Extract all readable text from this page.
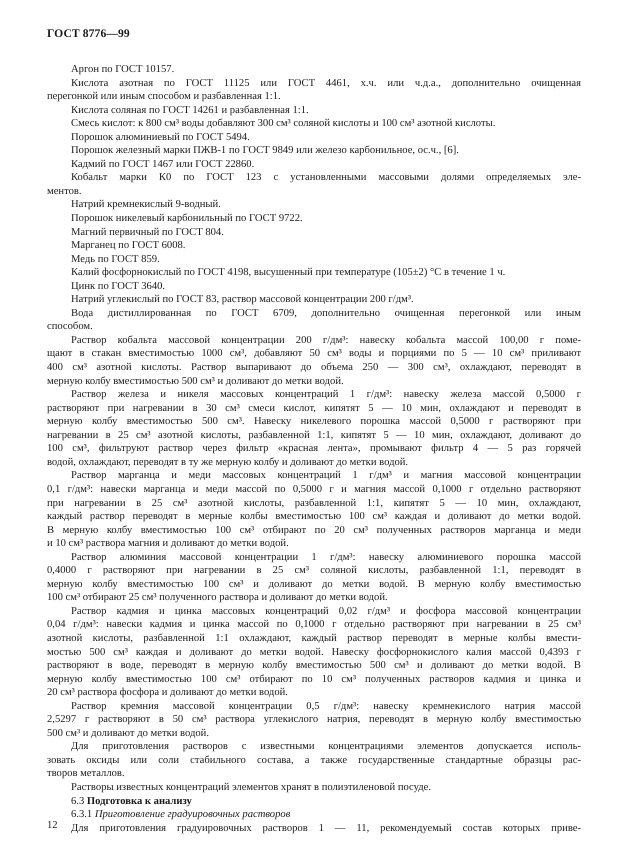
ГОСТ 8776—99
Аргон по ГОСТ 10157.
Кислота азотная по ГОСТ 11125 или ГОСТ 4461, х.ч. или ч.д.а., дополнительно очищенная
перегонкой или иным способом и разбавленная 1:1.
Кислота соляная по ГОСТ 14261 и разбавленная 1:1.
Смесь кислот: к 800 см³ воды добавляют 300 см³ соляной кислоты и 100 см³ азотной кислоты.
Порошок алюминиевый по ГОСТ 5494.
Порошок железный марки ПЖВ-1 по ГОСТ 9849 или железо карбонильное, ос.ч., [6].
Кадмий по ГОСТ 1467 или ГОСТ 22860.
Кобальт марки К0 по ГОСТ 123 с установленными массовыми долями определяемых эле-
ментов.
Натрий кремнекислый 9-водный.
Порошок никелевый карбонильный по ГОСТ 9722.
Магний первичный по ГОСТ 804.
Марганец по ГОСТ 6008.
Медь по ГОСТ 859.
Калий фосфорнокислый по ГОСТ 4198, высушенный при температуре (105±2) °С в течение 1 ч.
Цинк по ГОСТ 3640.
Натрий углекислый по ГОСТ 83, раствор массовой концентрации 200 г/дм³.
Вода дистиллированная по ГОСТ 6709, дополнительно очищенная перегонкой или иным
способом.
Раствор кобальта массовой концентрации 200 г/дм³: навеску кобальта массой 100,00 г поме-
щают в стакан вместимостью 1000 см³, добавляют 50 см³ воды и порциями по 5 — 10 см³ приливают
400 см³ азотной кислоты. Раствор выпаривают до объема 250 — 300 см³, охлаждают, переводят в
мерную колбу вместимостью 500 см³ и доливают до метки водой.
Раствор железа и никеля массовых концентраций 1 г/дм³: навеску железа массой 0,5000 г
растворяют при нагревании в 30 см³ смеси кислот, кипятят 5 — 10 мин, охлаждают и переводят в
мерную колбу вместимостью 500 см³. Навеску никелевого порошка массой 0,5000 г растворяют при
нагревании в 25 см³ азотной кислоты, разбавленной 1:1, кипятят 5 — 10 мин, охлаждают, доливают до
100 см³, фильтруют раствор через фильтр «красная лента», промывают фильтр 4 — 5 раз горячей
водой, охлаждают, переводят в ту же мерную колбу и доливают до метки водой.
Раствор марганца и меди массовых концентраций 1 г/дм³ и магния массовой концентрации
0,1 г/дм³: навески марганца и меди массой по 0,5000 г и магния массой 0,1000 г отдельно растворяют
при нагревании в 25 см³ азотной кислоты, разбавленной 1:1, кипятят 5 — 10 мин, охлаждают,
каждый раствор переводят в мерные колбы вместимостью 100 см³ каждая и доливают до метки водой.
В мерную колбу вместимостью 100 см³ отбирают по 20 см³ полученных растворов марганца и меди
и 10 см³ раствора магния и доливают до метки водой.
Раствор алюминия массовой концентрации 1 г/дм³: навеску алюминиевого порошка массой
0,4000 г растворяют при нагревании в 25 см³ соляной кислоты, разбавленной 1:1, переводят в
мерную колбу вместимостью 100 см³ и доливают до метки водой. В мерную колбу вместимостью
100 см³ отбирают 25 см³ полученного раствора и доливают до метки водой.
Раствор кадмия и цинка массовых концентраций 0,02 г/дм³ и фосфора массовой концентрации
0,04 г/дм³: навески кадмия и цинка массой по 0,1000 г отдельно растворяют при нагревании в 25 см³
азотной кислоты, разбавленной 1:1 охлаждают, каждый раствор переводят в мерные колбы вмести-
мостью 500 см³ каждая и доливают до метки водой. Навеску фосфорнокислого калия массой 0,4393 г
растворяют в воде, переводят в мерную колбу вместимостью 500 см³ и доливают до метки водой. В
мерную колбу вместимостью 100 см³ отбирают по 10 см³ полученных растворов кадмия и цинка и
20 см³ раствора фосфора и доливают до метки водой.
Раствор кремния массовой концентрации 0,5 г/дм³: навеску кремнекислого натрия массой
2,5297 г растворяют в 50 см³ раствора углекислого натрия, переводят в мерную колбу вместимостью
500 см³ и доливают до метки водой.
Для приготовления растворов с известными концентрациями элементов допускается исполь-
зовать оксиды или соли стабильного состава, а также государственные стандартные образцы рас-
творов металлов.
Растворы известных концентраций элементов хранят в полиэтиленовой посуде.
6.3 Подготовка к анализу
6.3.1 Приготовление градуировочных растворов
Для приготовления градуировочных растворов 1 — 11, рекомендуемый состав которых приве-
12
